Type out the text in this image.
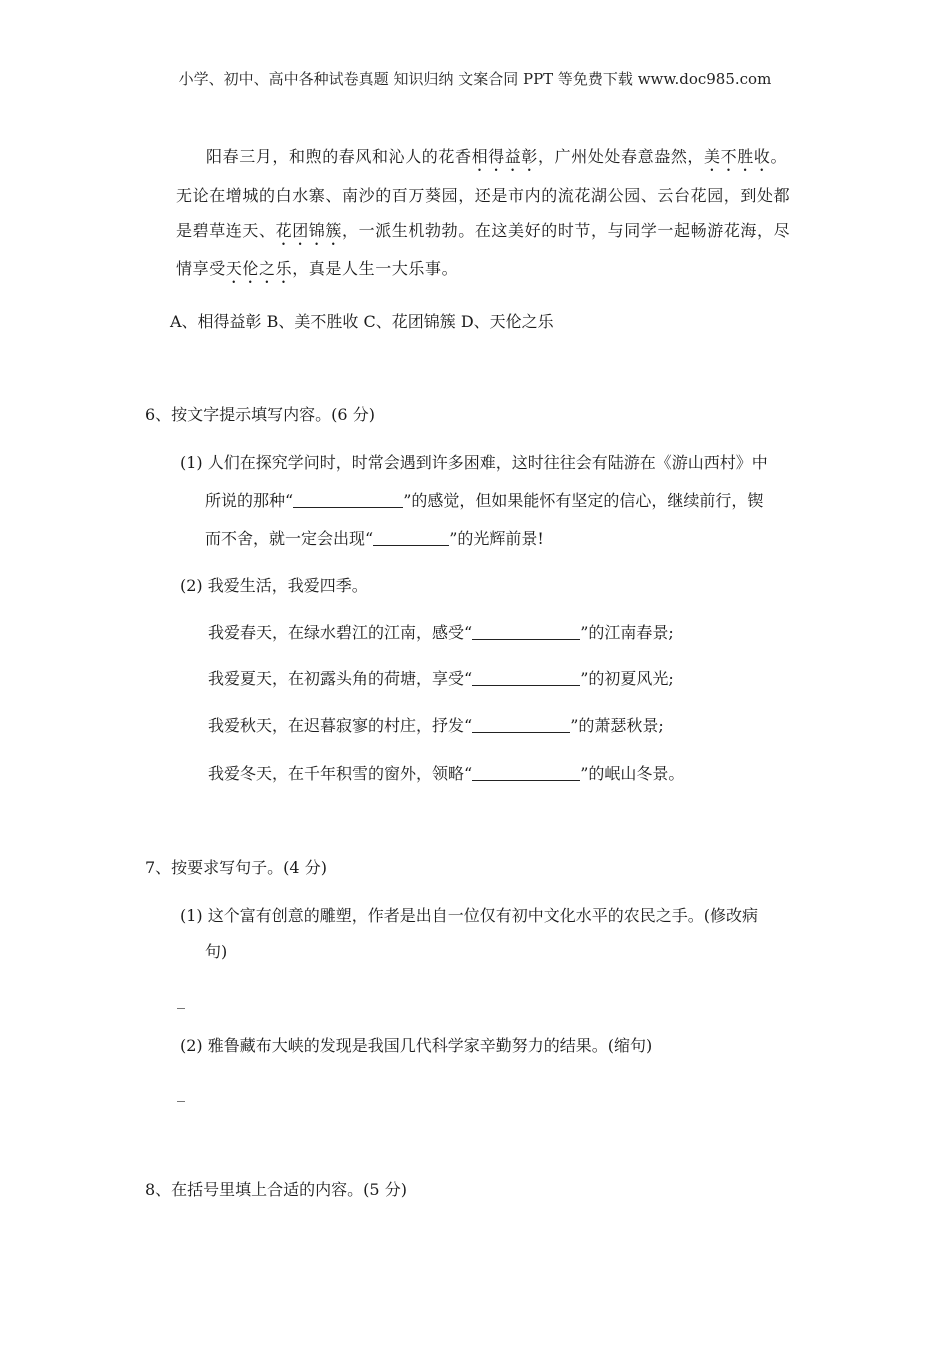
小学、初中、高中各种试卷真题 知识归纳 文案合同 PPT 等免费下载 www.doc985.com
阳春三月，和煦的春风和沁人的花香相得益彰，广州处处春意盎然，美不胜收。
无论在增城的白水寨、南沙的百万葵园，还是市内的流花湖公园、云台花园，到处都
是碧草连天、花团锦簇，一派生机勃勃。在这美好的时节，与同学一起畅游花海，尽
情享受天伦之乐，真是人生一大乐事。
A、相得益彰 B、美不胜收 C、花团锦簇 D、天伦之乐
6、按文字提示填写内容。(6 分)
(1) 人们在探究学问时，时常会遇到许多困难，这时往往会有陆游在《游山西村》中
所说的那种“	”的感觉，但如果能怀有坚定的信心，继续前行，锲
而不舍，就一定会出现“	”的光辉前景!
(2) 我爱生活，我爱四季。
我爱春天，在绿水碧江的江南，感受“	”的江南春景;
我爱夏天，在初露头角的荷塘，享受“	”的初夏风光;
我爱秋天，在迟暮寂寥的村庄，抒发“	”的萧瑟秋景;
我爱冬天，在千年积雪的窗外，领略“	”的岷山冬景。
7、按要求写句子。(4 分)
(1) 这个富有创意的雕塑，作者是出自一位仅有初中文化水平的农民之手。(修改病
句)
_
(2) 雅鲁藏布大峡的发现是我国几代科学家辛勤努力的结果。(缩句)
_
8、在括号里填上合适的内容。(5 分)
